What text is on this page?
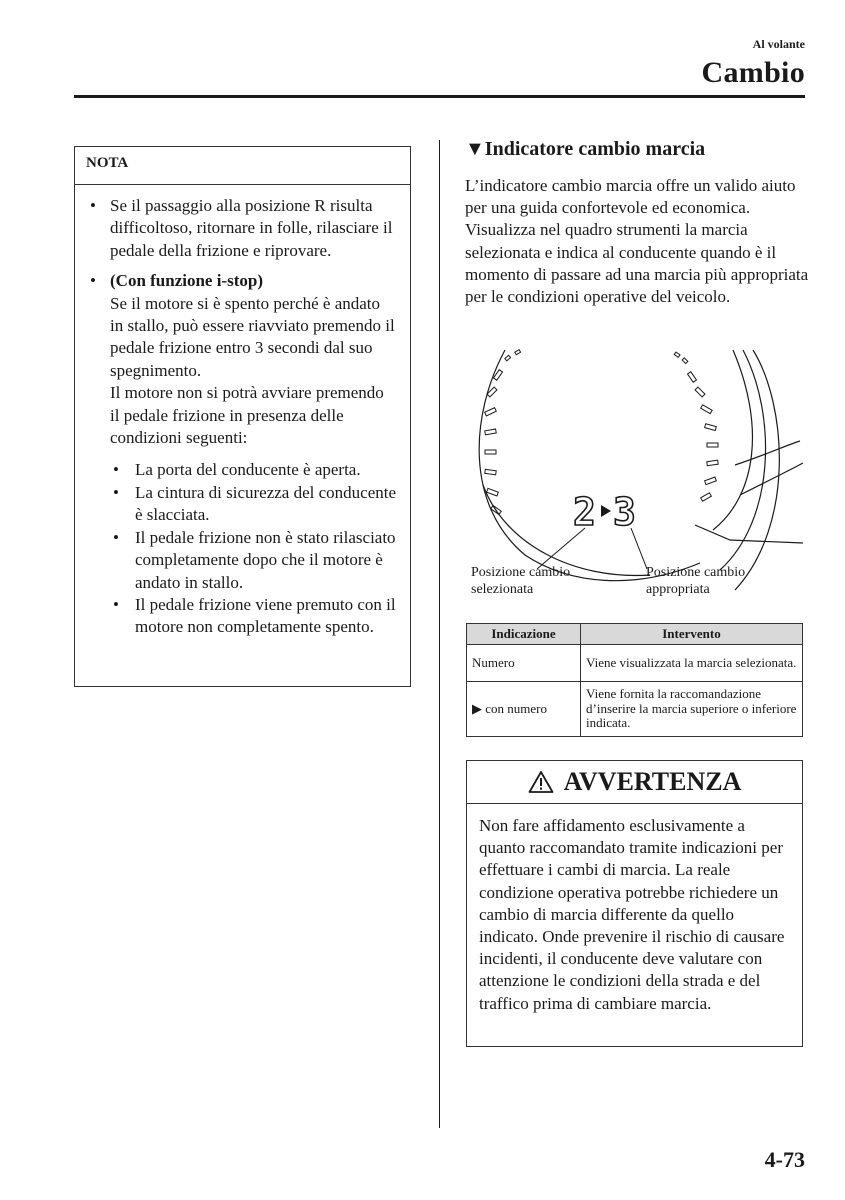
Al volante
Cambio
NOTA
• Se il passaggio alla posizione R risulta difficoltoso, ritornare in folle, rilasciare il pedale della frizione e riprovare.
• (Con funzione i-stop)
Se il motore si è spento perché è andato in stallo, può essere riavviato premendo il pedale frizione entro 3 secondi dal suo spegnimento.
Il motore non si potrà avviare premendo il pedale frizione in presenza delle condizioni seguenti:
• La porta del conducente è aperta.
• La cintura di sicurezza del conducente è slacciata.
• Il pedale frizione non è stato rilasciato completamente dopo che il motore è andato in stallo.
• Il pedale frizione viene premuto con il motore non completamente spento.
▼Indicatore cambio marcia
L’indicatore cambio marcia offre un valido aiuto per una guida confortevole ed economica. Visualizza nel quadro strumenti la marcia selezionata e indica al conducente quando è il momento di passare ad una marcia più appropriata per le condizioni operative del veicolo.
2 3
Posizione cambio
selezionata
Posizione cambio
appropriata
Indicazione	Intervento
Numero	Viene visualizzata la marcia selezionata.
▶ con numero	Viene fornita la raccomandazione d’inserire la marcia superiore o inferiore indicata.
AVVERTENZA
Non fare affidamento esclusivamente a quanto raccomandato tramite indicazioni per effettuare i cambi di marcia. La reale condizione operativa potrebbe richiedere un cambio di marcia differente da quello indicato. Onde prevenire il rischio di causare incidenti, il conducente deve valutare con attenzione le condizioni della strada e del traffico prima di cambiare marcia.
4-73
